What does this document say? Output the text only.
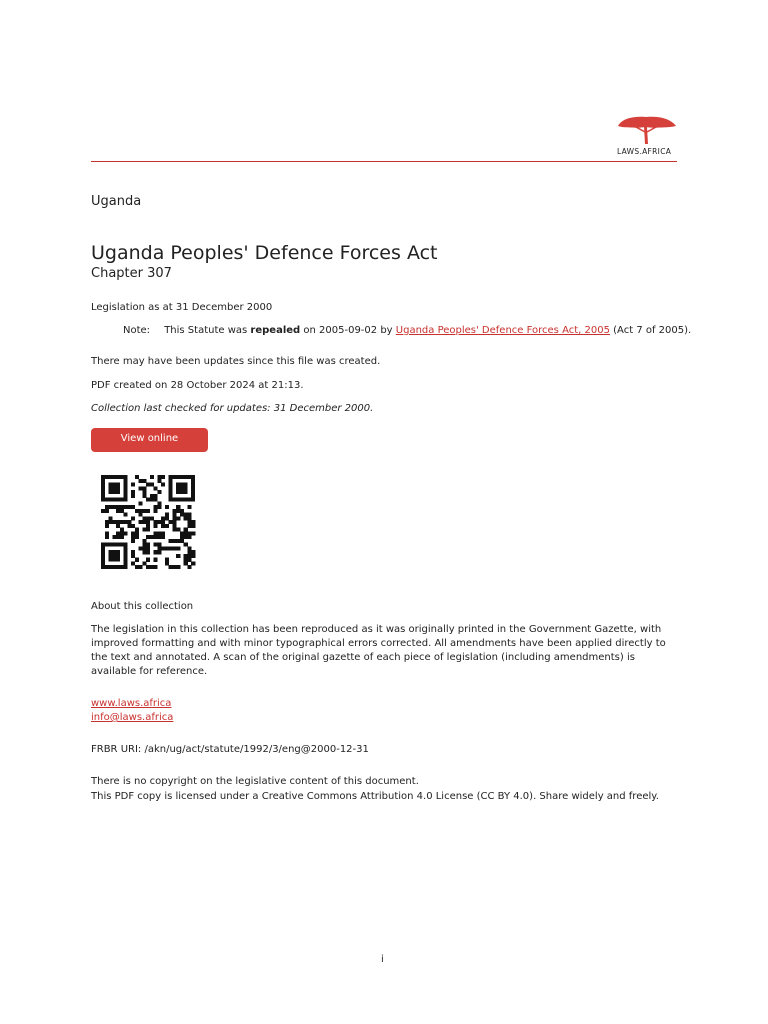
LAWS.AFRICA
Uganda
Uganda Peoples' Defence Forces Act
Chapter 307
Legislation as at 31 December 2000
Note: This Statute was repealed on 2005-09-02 by Uganda Peoples' Defence Forces Act, 2005 (Act 7 of 2005).
There may have been updates since this file was created.
PDF created on 28 October 2024 at 21:13.
Collection last checked for updates: 31 December 2000.
View online
About this collection
The legislation in this collection has been reproduced as it was originally printed in the Government Gazette, with improved formatting and with minor typographical errors corrected. All amendments have been applied directly to the text and annotated. A scan of the original gazette of each piece of legislation (including amendments) is available for reference.
www.laws.africa
info@laws.africa
FRBR URI: /akn/ug/act/statute/1992/3/eng@2000-12-31
There is no copyright on the legislative content of this document.
This PDF copy is licensed under a Creative Commons Attribution 4.0 License (CC BY 4.0). Share widely and freely.
i
